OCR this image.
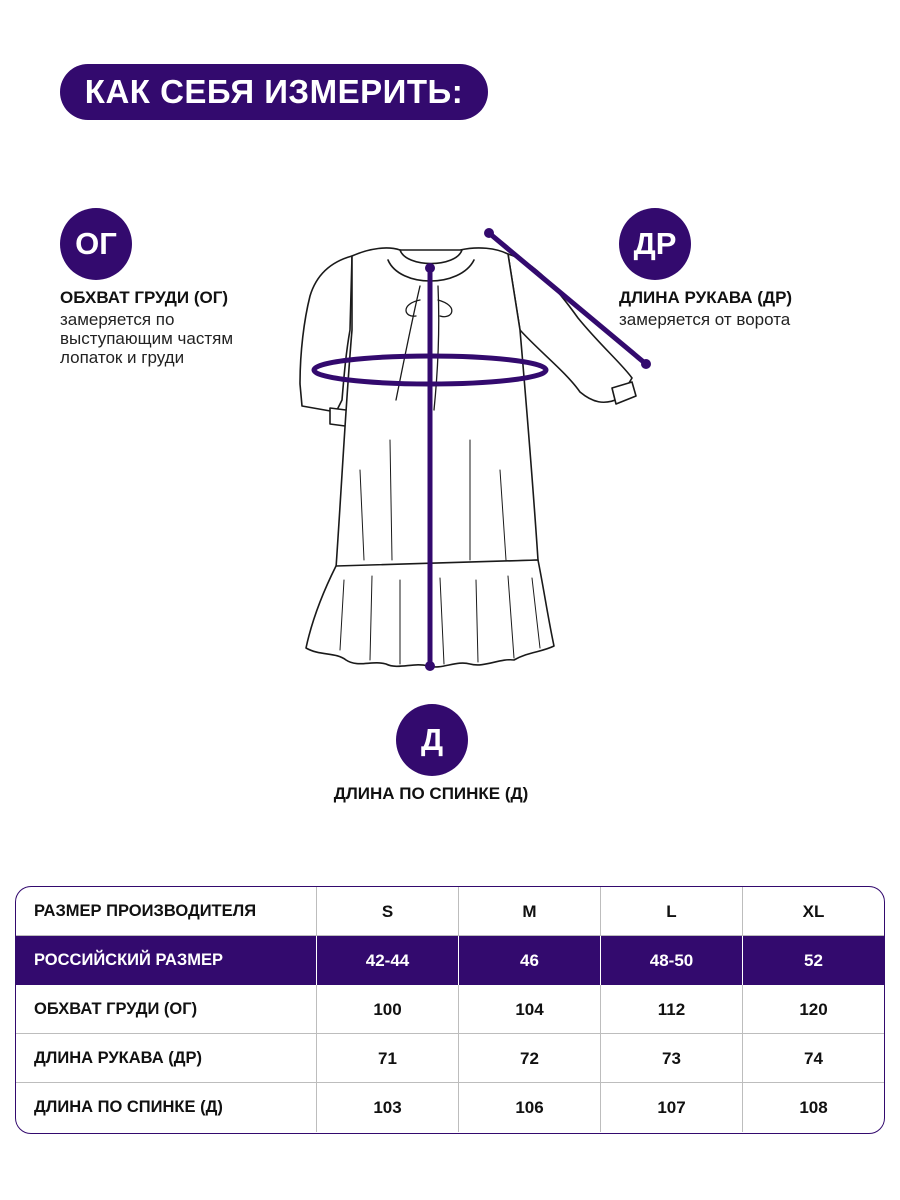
КАК СЕБЯ ИЗМЕРИТЬ:
ОГ
ОБХВАТ ГРУДИ (ОГ)
замеряется по
выступающим частям
лопаток и груди
ДР
ДЛИНА РУКАВА (ДР)
замеряется от ворота
Д
ДЛИНА ПО СПИНКЕ (Д)
РАЗМЕР ПРОИЗВОДИТЕЛЯ	S	M	L	XL
РОССИЙСКИЙ РАЗМЕР	42-44	46	48-50	52
ОБХВАТ ГРУДИ (ОГ)	100	104	112	120
ДЛИНА РУКАВА (ДР)	71	72	73	74
ДЛИНА ПО СПИНКЕ (Д)	103	106	107	108
